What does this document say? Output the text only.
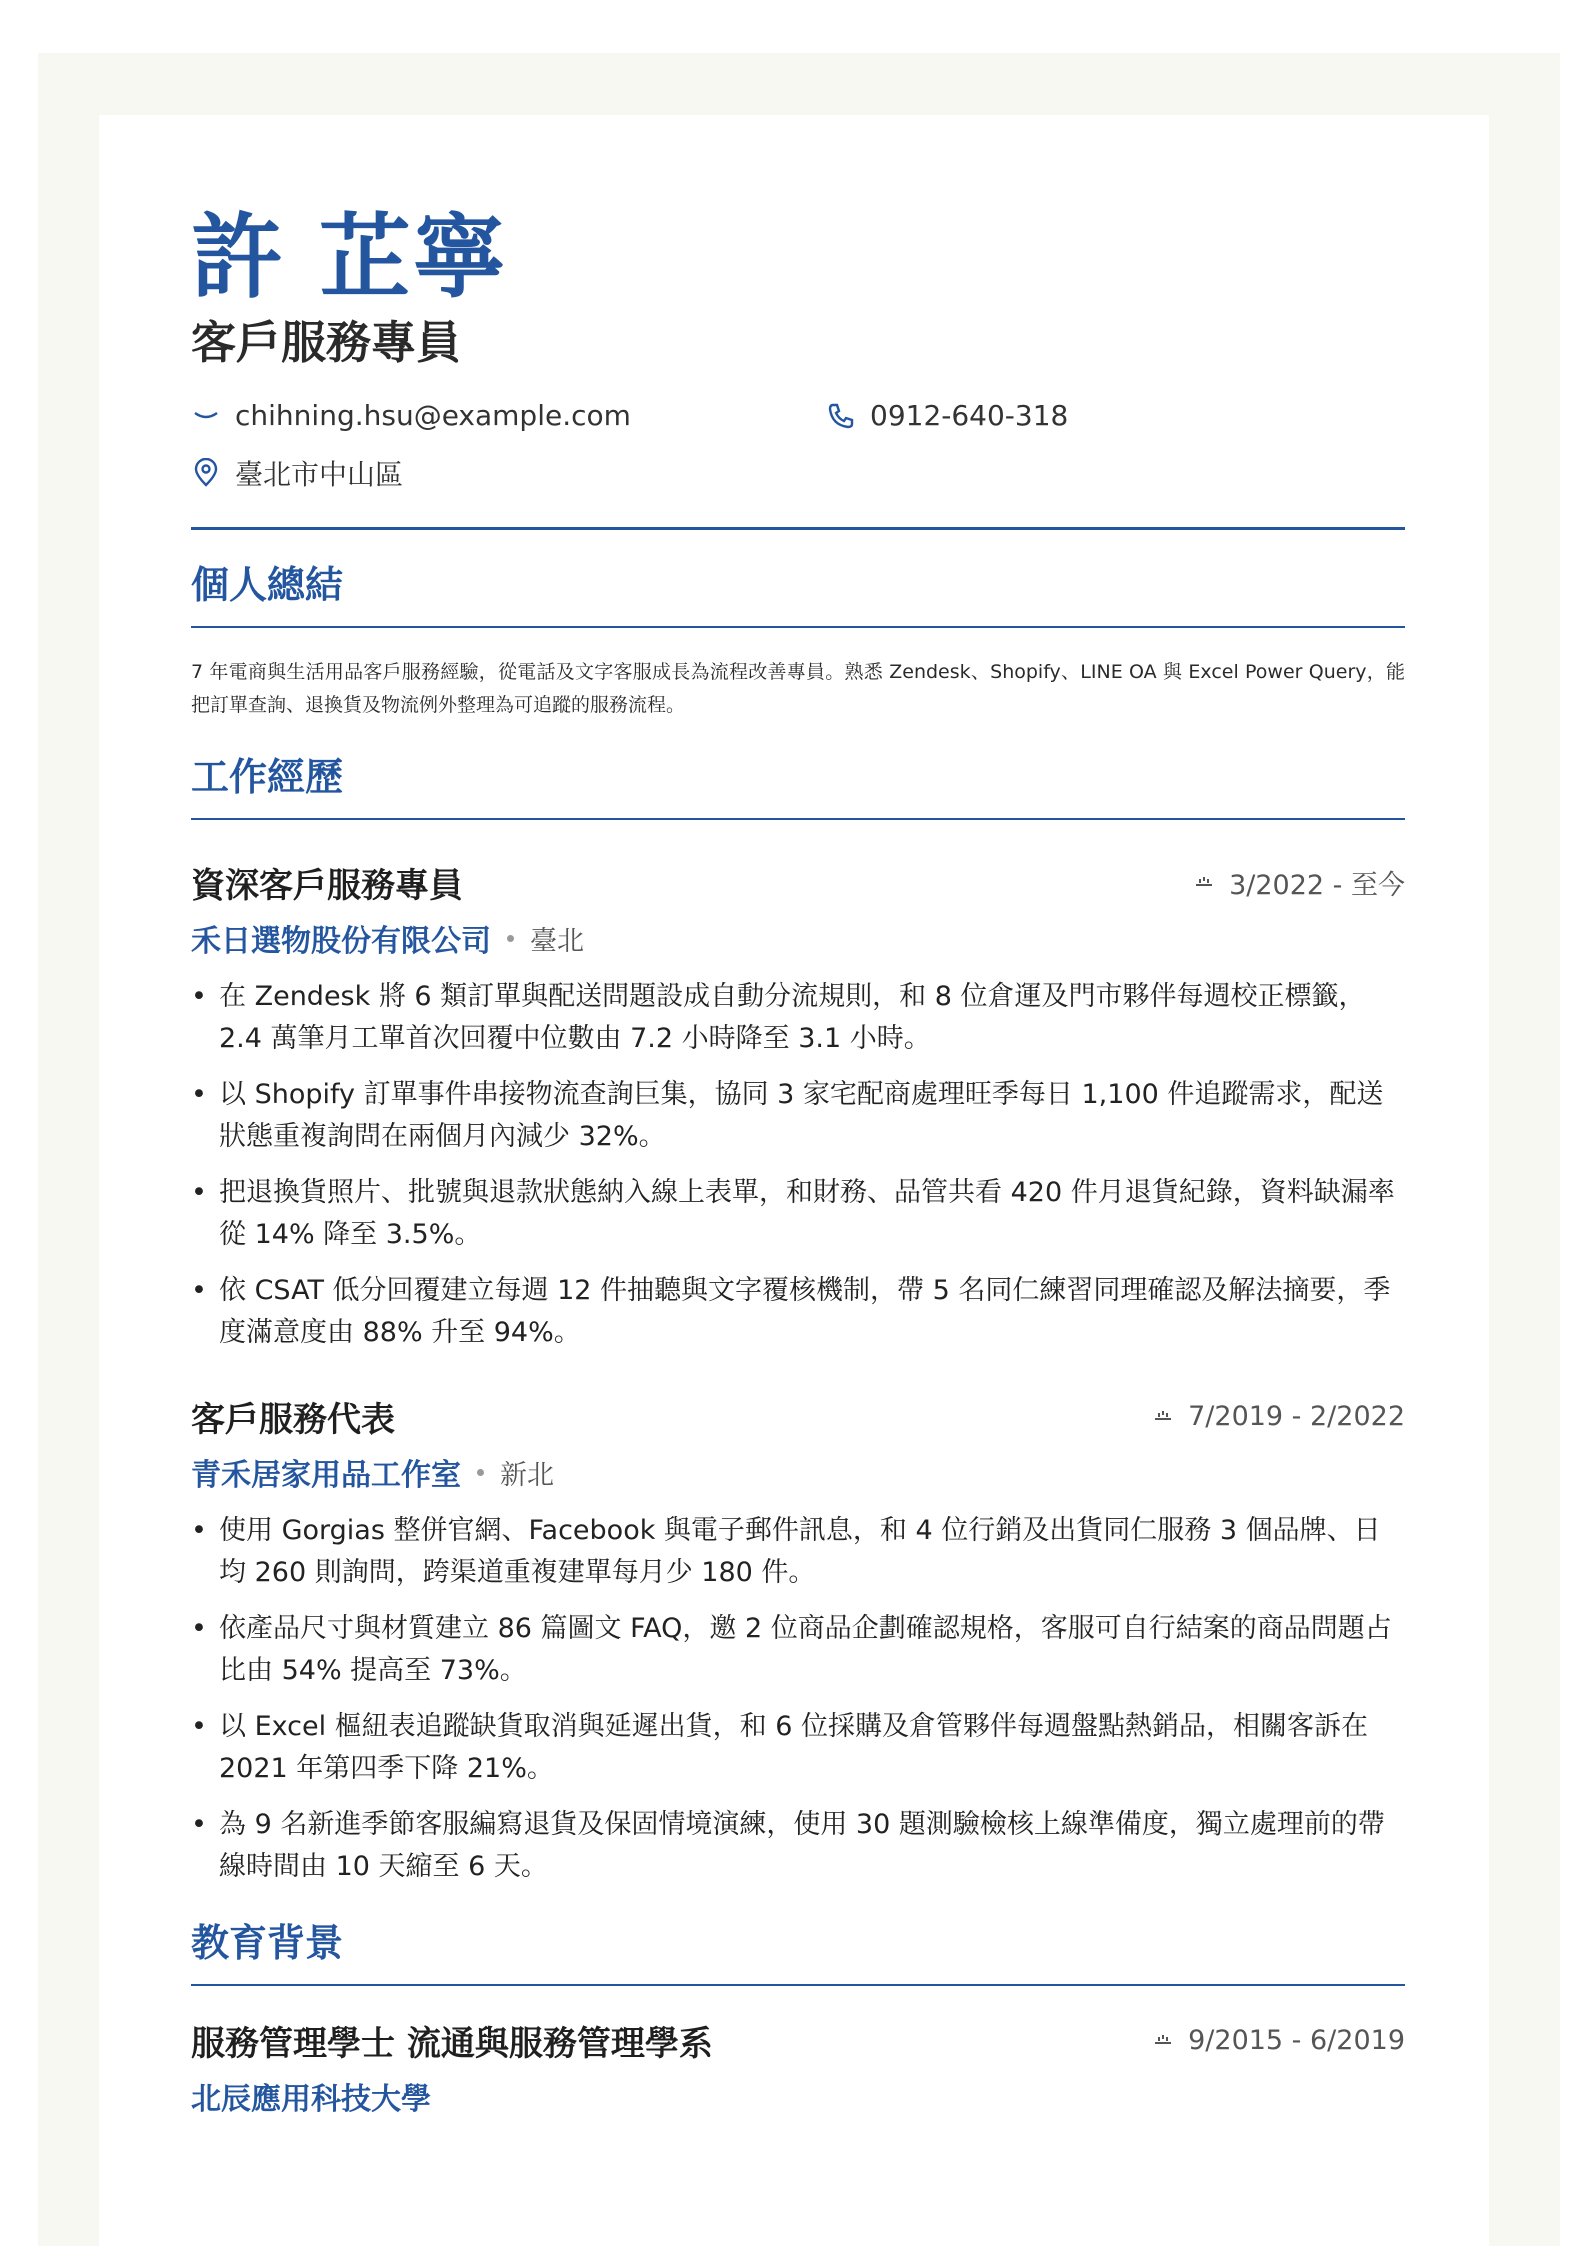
許 芷寧
客戶服務專員
chihning.hsu@example.com	0912-640-318
臺北市中山區
個人總結
7 年電商與生活用品客戶服務經驗，從電話及文字客服成長為流程改善專員。熟悉 Zendesk、Shopify、LINE OA 與 Excel Power Query，能把訂單查詢、退換貨及物流例外整理為可追蹤的服務流程。
工作經歷
資深客戶服務專員	3/2022 - 至今
禾日選物股份有限公司 臺北
• 在 Zendesk 將 6 類訂單與配送問題設成自動分流規則，和 8 位倉運及門市夥伴每週校正標籤，2.4 萬筆月工單首次回覆中位數由 7.2 小時降至 3.1 小時。
• 以 Shopify 訂單事件串接物流查詢巨集，協同 3 家宅配商處理旺季每日 1,100 件追蹤需求，配送狀態重複詢問在兩個月內減少 32%。
• 把退換貨照片、批號與退款狀態納入線上表單，和財務、品管共看 420 件月退貨紀錄，資料缺漏率從 14% 降至 3.5%。
• 依 CSAT 低分回覆建立每週 12 件抽聽與文字覆核機制，帶 5 名同仁練習同理確認及解法摘要，季度滿意度由 88% 升至 94%。
客戶服務代表	7/2019 - 2/2022
青禾居家用品工作室 新北
• 使用 Gorgias 整併官網、Facebook 與電子郵件訊息，和 4 位行銷及出貨同仁服務 3 個品牌、日均 260 則詢問，跨渠道重複建單每月少 180 件。
• 依產品尺寸與材質建立 86 篇圖文 FAQ，邀 2 位商品企劃確認規格，客服可自行結案的商品問題占比由 54% 提高至 73%。
• 以 Excel 樞紐表追蹤缺貨取消與延遲出貨，和 6 位採購及倉管夥伴每週盤點熱銷品，相關客訴在 2021 年第四季下降 21%。
• 為 9 名新進季節客服編寫退貨及保固情境演練，使用 30 題測驗檢核上線準備度，獨立處理前的帶線時間由 10 天縮至 6 天。
教育背景
服務管理學士 流通與服務管理學系	9/2015 - 6/2019
北辰應用科技大學
